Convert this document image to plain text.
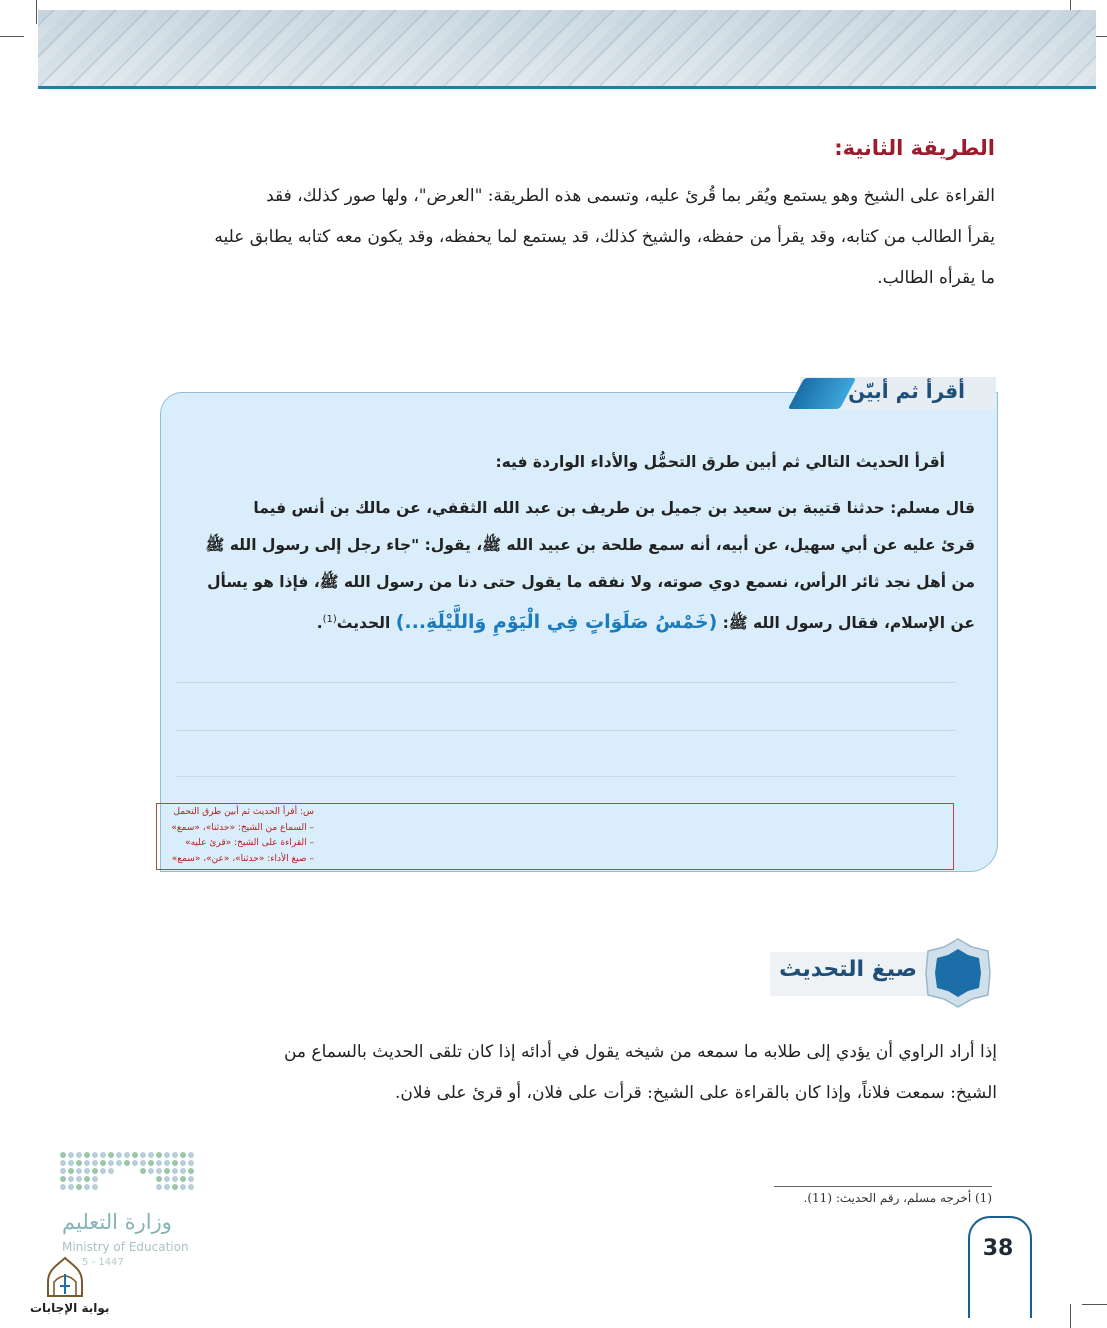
الطريقة الثانية:
القراءة على الشيخ وهو يستمع ويُقر بما قُرئ عليه، وتسمى هذه الطريقة: "العرض"، ولها صور كذلك، فقد
يقرأ الطالب من كتابه، وقد يقرأ من حفظه، والشيخ كذلك، قد يستمع لما يحفظه، وقد يكون معه كتابه يطابق عليه
ما يقرأه الطالب.
أقرأ ثم أبيّن
أقرأ الحديث التالي ثم أبين طرق التحمُّل والأداء الواردة فيه:
قال مسلم: حدثنا قتيبة بن سعيد بن جميل بن طريف بن عبد الله الثقفي، عن مالك بن أنس فيما
قرئ عليه عن أبي سهيل، عن أبيه، أنه سمع طلحة بن عبيد الله ﷺ، يقول: "جاء رجل إلى رسول الله ﷺ
من أهل نجد ثائر الرأس، نسمع دوي صوته، ولا نفقه ما يقول حتى دنا من رسول الله ﷺ، فإذا هو يسأل
عن الإسلام، فقال رسول الله ﷺ: (خَمْسُ صَلَوَاتٍ فِي الْيَوْمِ وَاللَّيْلَةِ...) الحديث$^{(1)}$.
س: أقرأ الحديث ثم أبين طرق التحمل
– السماع من الشيخ: «حدثنا»، «سمع»
– القراءة على الشيخ: «قرئ عليه»
– صيغ الأداء: «حدثنا»، «عن»، «سمع»
صيغ التحديث
إذا أراد الراوي أن يؤدي إلى طلابه ما سمعه من شيخه يقول في أدائه إذا كان تلقى الحديث بالسماع من
الشيخ: سمعت فلاناً، وإذا كان بالقراءة على الشيخ: قرأت على فلان، أو قرئ على فلان.
وزارة التعليم
Ministry of Education
5 - 1447
بوابة الإجابات
(1) أخرجه مسلم، رقم الحديث: (11).
38
